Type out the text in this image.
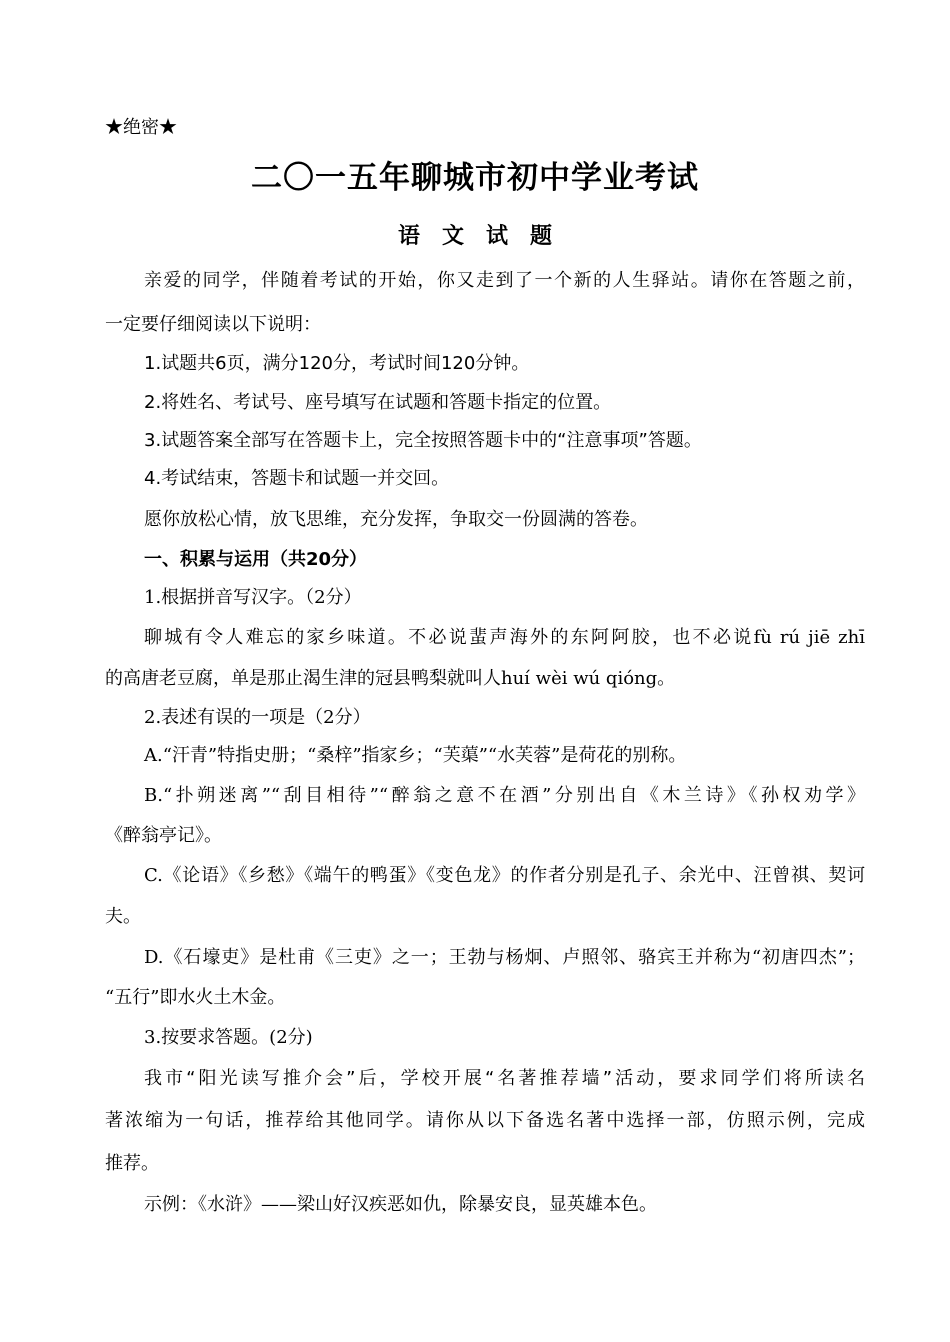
★绝密★
二〇一五年聊城市初中学业考试
语文试题
亲爱的同学，伴随着考试的开始，你又走到了一个新的人生驿站。请你在答题之前，
一定要仔细阅读以下说明：
1.试题共6页，满分120分，考试时间120分钟。
2.将姓名、考试号、座号填写在试题和答题卡指定的位置。
3.试题答案全部写在答题卡上，完全按照答题卡中的“注意事项”答题。
4.考试结束，答题卡和试题一并交回。
愿你放松心情，放飞思维，充分发挥，争取交一份圆满的答卷。
一、积累与运用（共20分）
1.根据拼音写汉字。（2分）
聊城有令人难忘的家乡味道。不必说蜚声海外的东阿阿胶，也不必说fù rú jiē zhī
的高唐老豆腐，单是那止渴生津的冠县鸭梨就叫人huí wèi wú qióng。
2.表述有误的一项是（2分）
A.“汗青”特指史册；“桑梓”指家乡；“芙蕖”“水芙蓉”是荷花的别称。
B.“扑朔迷离”“刮目相待”“醉翁之意不在酒”分别出自《木兰诗》《孙权劝学》
《醉翁亭记》。
C.《论语》《乡愁》《端午的鸭蛋》《变色龙》的作者分别是孔子、余光中、汪曾祺、契诃
夫。
D.《石壕吏》是杜甫《三吏》之一；王勃与杨炯、卢照邻、骆宾王并称为“初唐四杰”；
“五行”即水火土木金。
3.按要求答题。(2分)
我市“阳光读写推介会”后，学校开展“名著推荐墙”活动，要求同学们将所读名
著浓缩为一句话，推荐给其他同学。请你从以下备选名著中选择一部，仿照示例，完成
推荐。
示例：《水浒》——梁山好汉疾恶如仇，除暴安良，显英雄本色。
